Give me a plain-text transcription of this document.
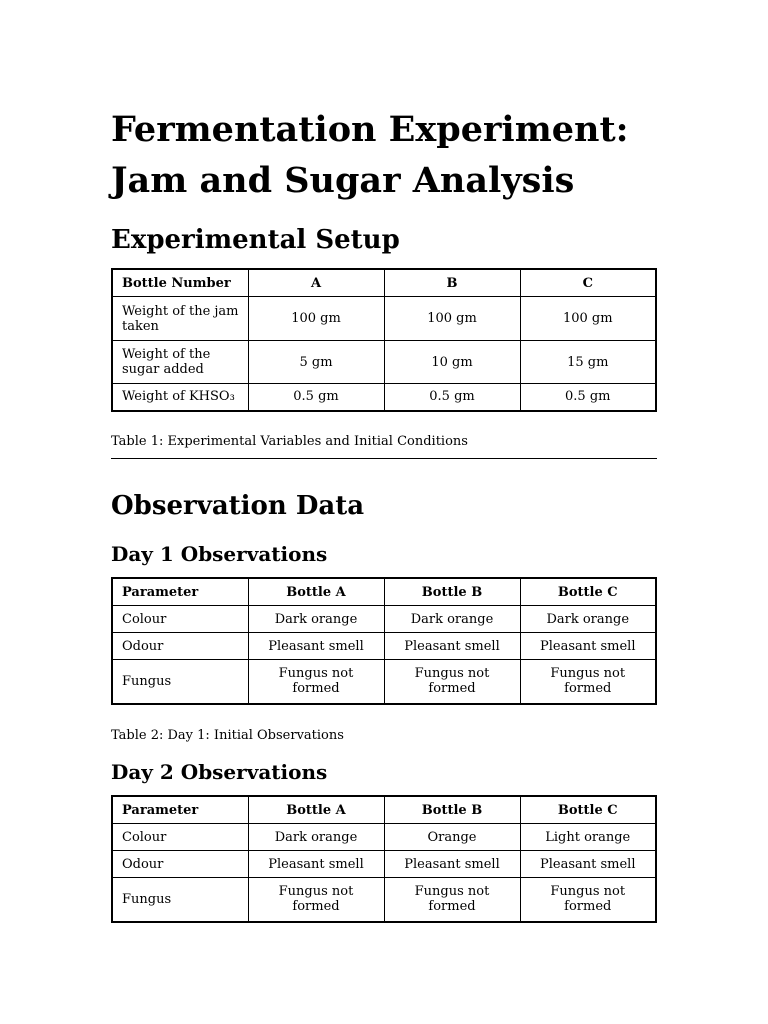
Fermentation Experiment: Jam and Sugar Analysis
Experimental Setup
Bottle Number	A	B	C
Weight of the jam taken	100 gm	100 gm	100 gm
Weight of the sugar added	5 gm	10 gm	15 gm
Weight of KHSO₃	0.5 gm	0.5 gm	0.5 gm
Table 1: Experimental Variables and Initial Conditions
Observation Data
Day 1 Observations
Parameter	Bottle A	Bottle B	Bottle C
Colour	Dark orange	Dark orange	Dark orange
Odour	Pleasant smell	Pleasant smell	Pleasant smell
Fungus	Fungus not formed	Fungus not formed	Fungus not formed
Table 2: Day 1: Initial Observations
Day 2 Observations
Parameter	Bottle A	Bottle B	Bottle C
Colour	Dark orange	Orange	Light orange
Odour	Pleasant smell	Pleasant smell	Pleasant smell
Fungus	Fungus not formed	Fungus not formed	Fungus not formed
